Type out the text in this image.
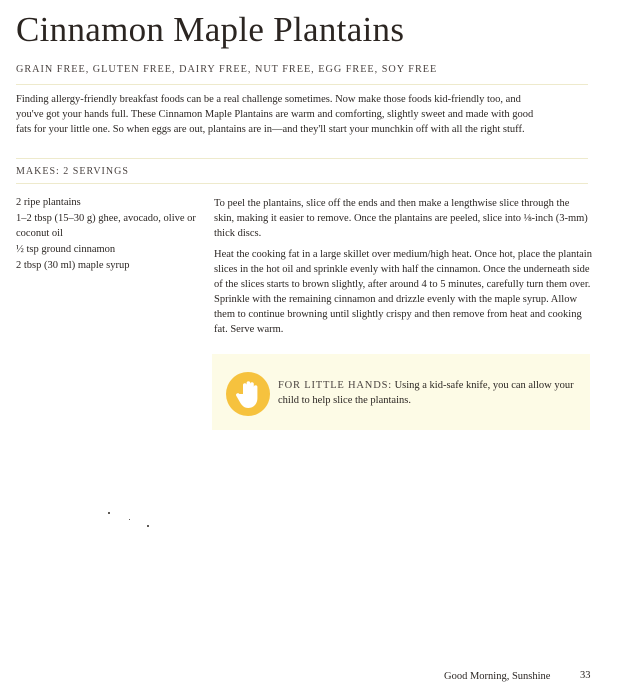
Cinnamon Maple Plantains
GRAIN FREE, GLUTEN FREE, DAIRY FREE, NUT FREE, EGG FREE, SOY FREE

Finding allergy-friendly breakfast foods can be a real challenge sometimes. Now make those foods kid-friendly too, and you've got your hands full. These Cinnamon Maple Plantains are warm and comforting, slightly sweet and made with good fats for your little one. So when eggs are out, plantains are in—and they'll start your munchkin off with all the right stuff.

MAKES: 2 SERVINGS
2 ripe plantains
1–2 tbsp (15–30 g) ghee, avocado, olive or coconut oil
½ tsp ground cinnamon
2 tbsp (30 ml) maple syrup

To peel the plantains, slice off the ends and then make a lengthwise slice through the skin, making it easier to remove. Once the plantains are peeled, slice into ⅛-inch (3-mm) thick discs.

Heat the cooking fat in a large skillet over medium/high heat. Once hot, place the plantain slices in the hot oil and sprinkle evenly with half the cinnamon. Once the underneath side of the slices starts to brown slightly, after around 4 to 5 minutes, carefully turn them over. Sprinkle with the remaining cinnamon and drizzle evenly with the maple syrup. Allow them to continue browning until slightly crispy and then remove from heat and cooking fat. Serve warm.

FOR LITTLE HANDS: Using a kid-safe knife, you can allow your child to help slice the plantains.
Good Morning, Sunshine	33
